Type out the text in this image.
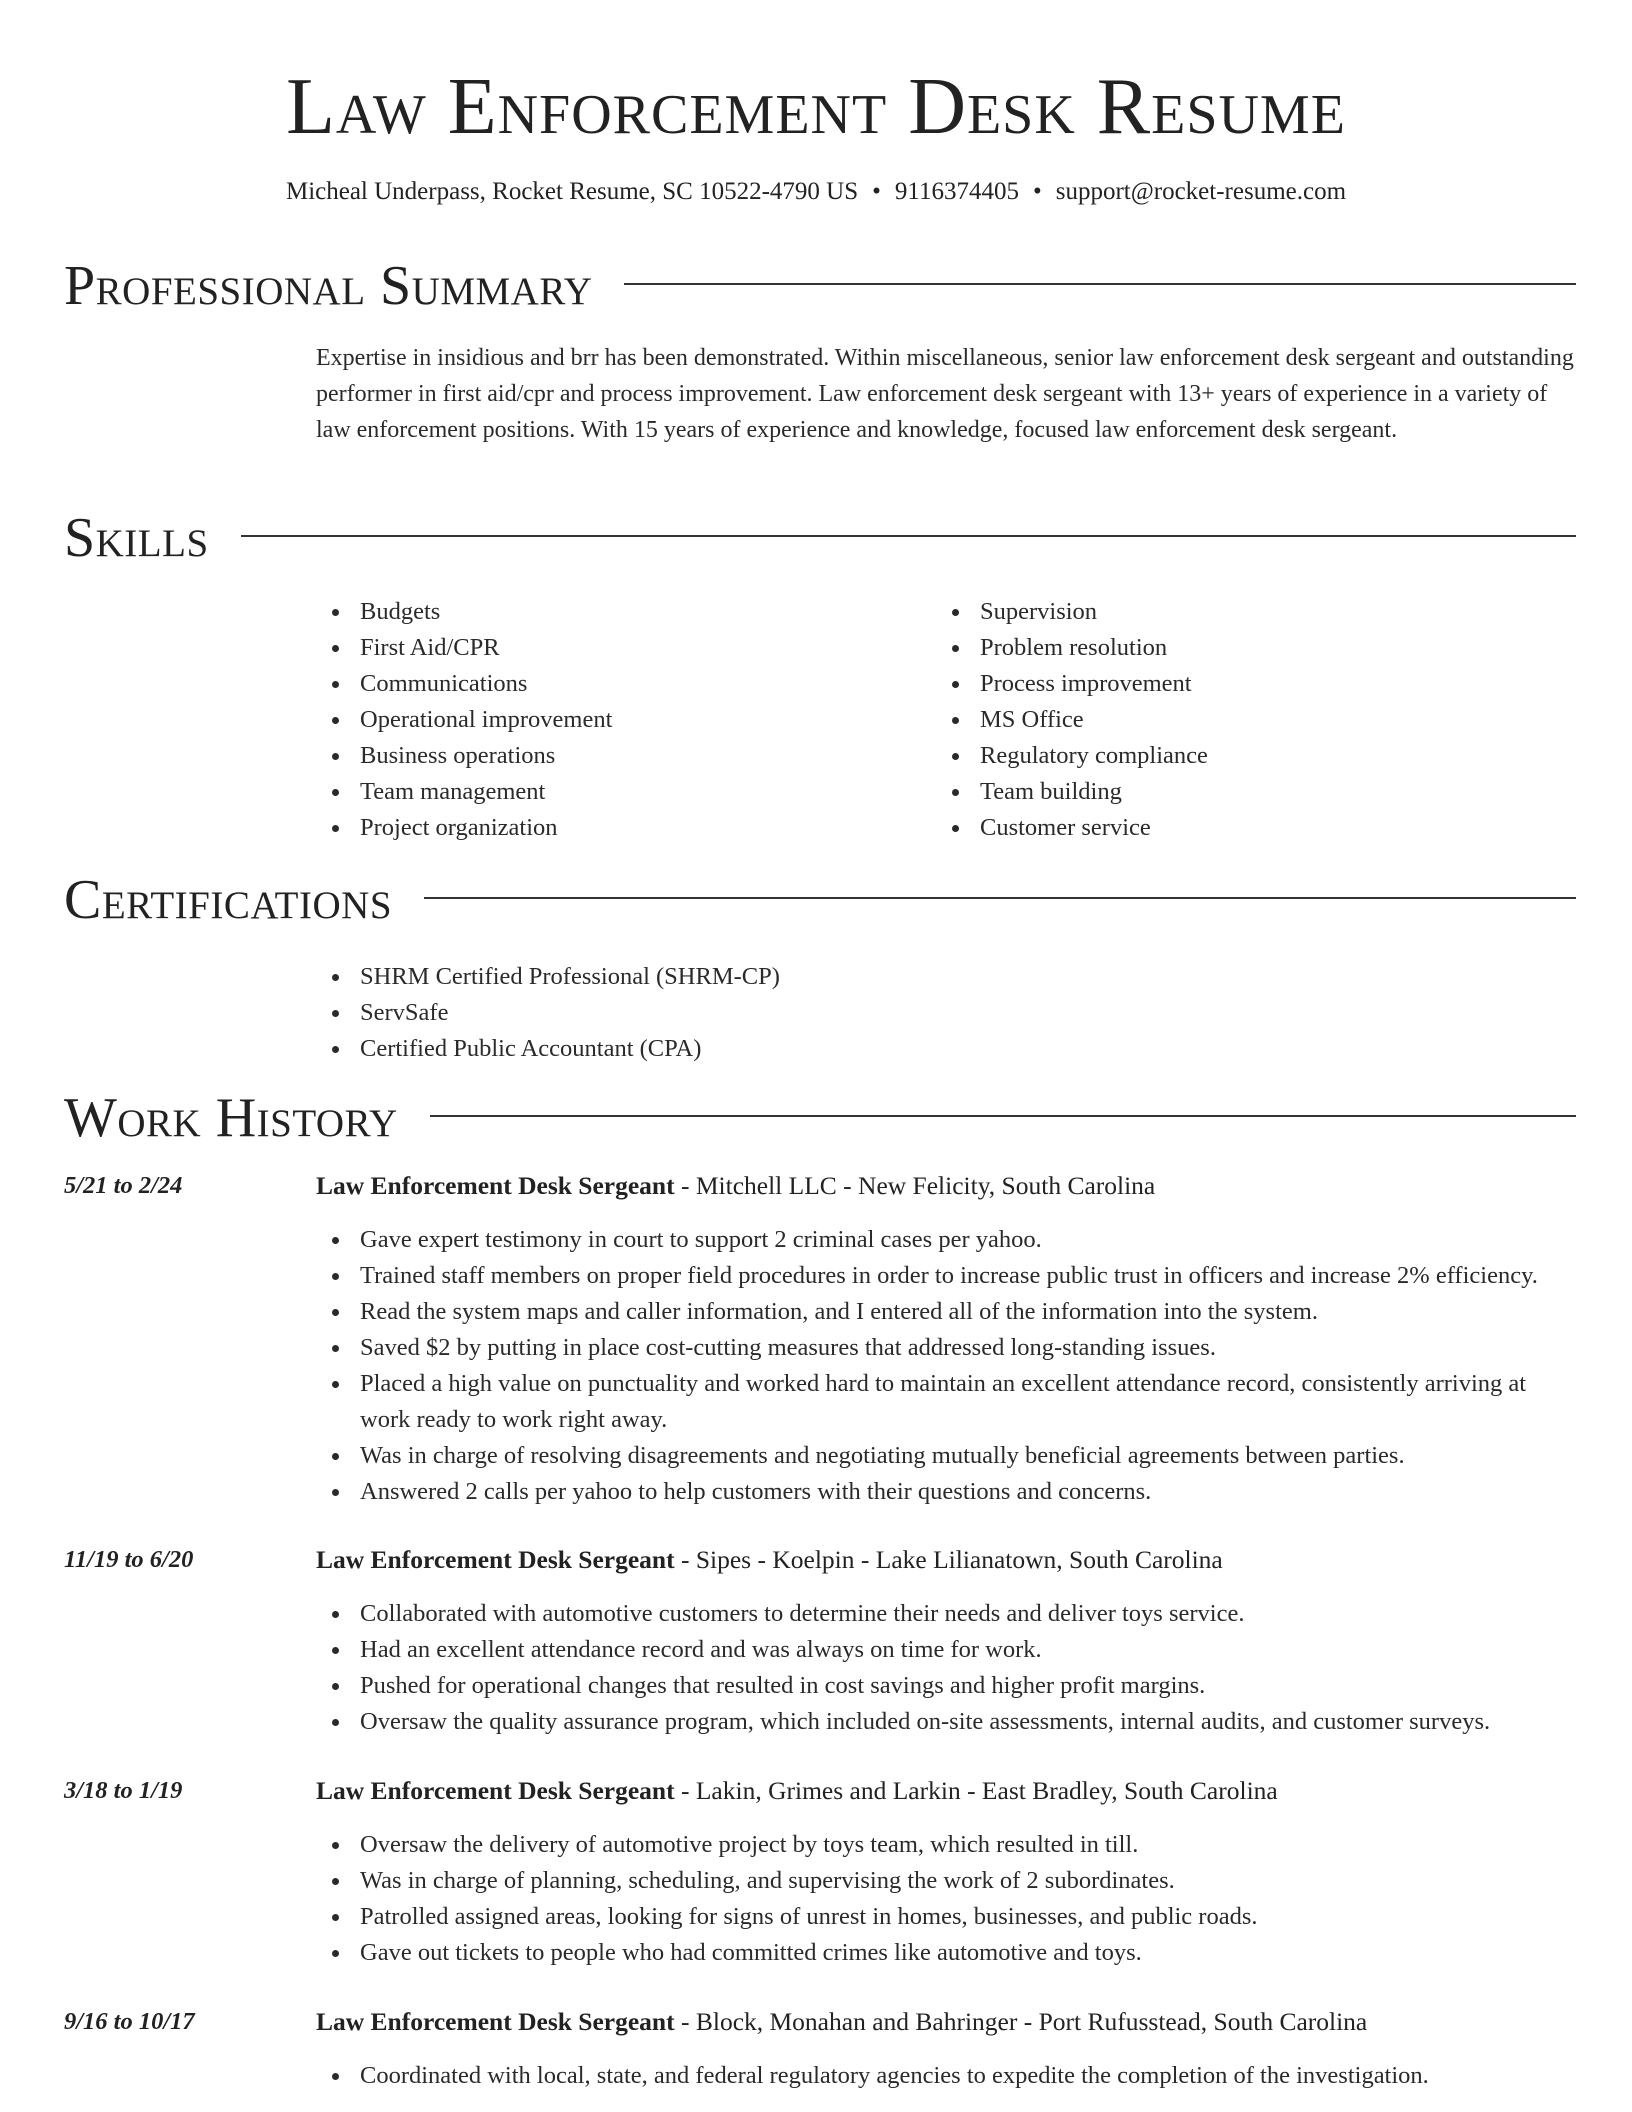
Law Enforcement Desk Resume
Micheal Underpass, Rocket Resume, SC 10522-4790 US • 9116374405 • support@rocket-resume.com
Professional Summary
Expertise in insidious and brr has been demonstrated. Within miscellaneous, senior law enforcement desk sergeant and outstanding performer in first aid/cpr and process improvement. Law enforcement desk sergeant with 13+ years of experience in a variety of law enforcement positions. With 15 years of experience and knowledge, focused law enforcement desk sergeant.
Skills
Budgets
First Aid/CPR
Communications
Operational improvement
Business operations
Team management
Project organization
Supervision
Problem resolution
Process improvement
MS Office
Regulatory compliance
Team building
Customer service
Certifications
SHRM Certified Professional (SHRM-CP)
ServSafe
Certified Public Accountant (CPA)
Work History
5/21 to 2/24	Law Enforcement Desk Sergeant - Mitchell LLC - New Felicity, South Carolina
Gave expert testimony in court to support 2 criminal cases per yahoo.
Trained staff members on proper field procedures in order to increase public trust in officers and increase 2% efficiency.
Read the system maps and caller information, and I entered all of the information into the system.
Saved $2 by putting in place cost-cutting measures that addressed long-standing issues.
Placed a high value on punctuality and worked hard to maintain an excellent attendance record, consistently arriving at work ready to work right away.
Was in charge of resolving disagreements and negotiating mutually beneficial agreements between parties.
Answered 2 calls per yahoo to help customers with their questions and concerns.
11/19 to 6/20	Law Enforcement Desk Sergeant - Sipes - Koelpin - Lake Lilianatown, South Carolina
Collaborated with automotive customers to determine their needs and deliver toys service.
Had an excellent attendance record and was always on time for work.
Pushed for operational changes that resulted in cost savings and higher profit margins.
Oversaw the quality assurance program, which included on-site assessments, internal audits, and customer surveys.
3/18 to 1/19	Law Enforcement Desk Sergeant - Lakin, Grimes and Larkin - East Bradley, South Carolina
Oversaw the delivery of automotive project by toys team, which resulted in till.
Was in charge of planning, scheduling, and supervising the work of 2 subordinates.
Patrolled assigned areas, looking for signs of unrest in homes, businesses, and public roads.
Gave out tickets to people who had committed crimes like automotive and toys.
9/16 to 10/17	Law Enforcement Desk Sergeant - Block, Monahan and Bahringer - Port Rufusstead, South Carolina
Coordinated with local, state, and federal regulatory agencies to expedite the completion of the investigation.
